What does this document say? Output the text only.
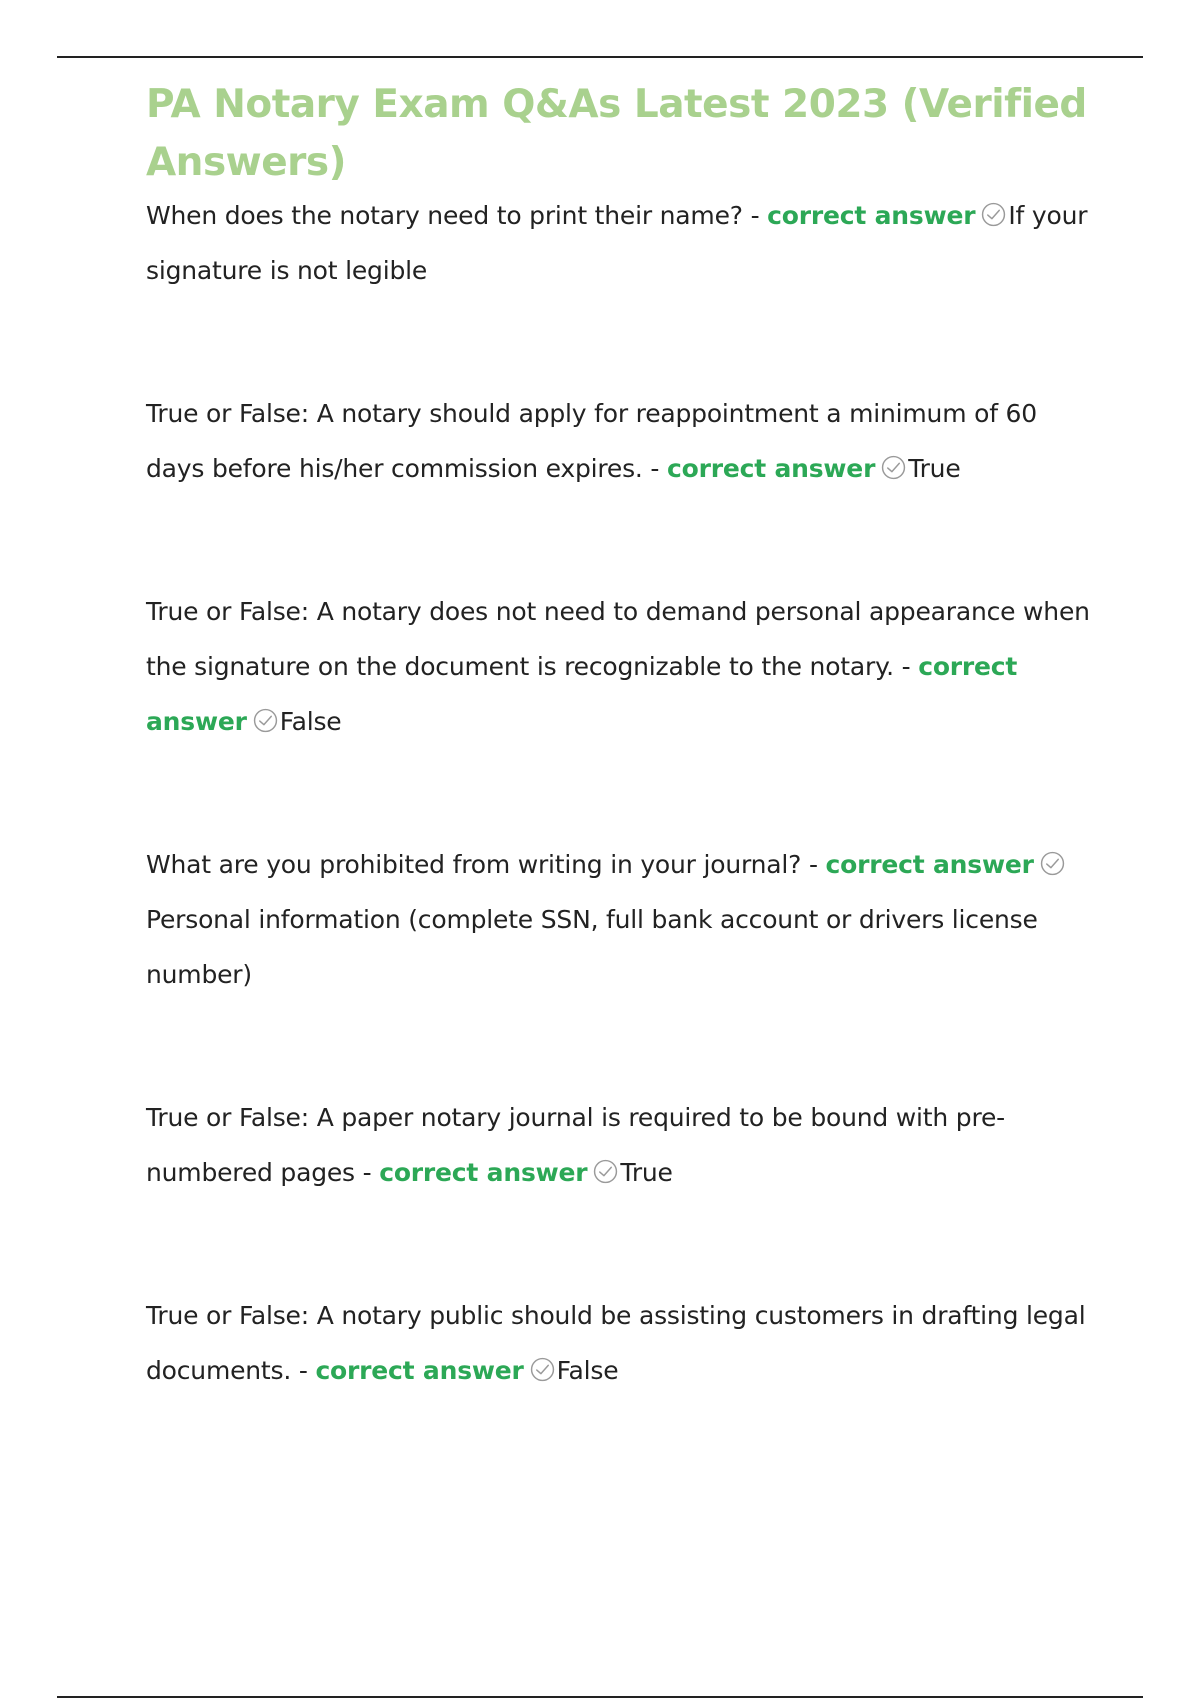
PA Notary Exam Q&As Latest 2023 (Verified Answers)
When does the notary need to print their name? - correct answer If your signature is not legible
True or False: A notary should apply for reappointment a minimum of 60 days before his/her commission expires. - correct answer True
True or False: A notary does not need to demand personal appearance when the signature on the document is recognizable to the notary. - correct answer False
What are you prohibited from writing in your journal? - correct answer
Personal information (complete SSN, full bank account or drivers license number)
True or False: A paper notary journal is required to be bound with pre-numbered pages - correct answer True
True or False: A notary public should be assisting customers in drafting legal documents. - correct answer False
